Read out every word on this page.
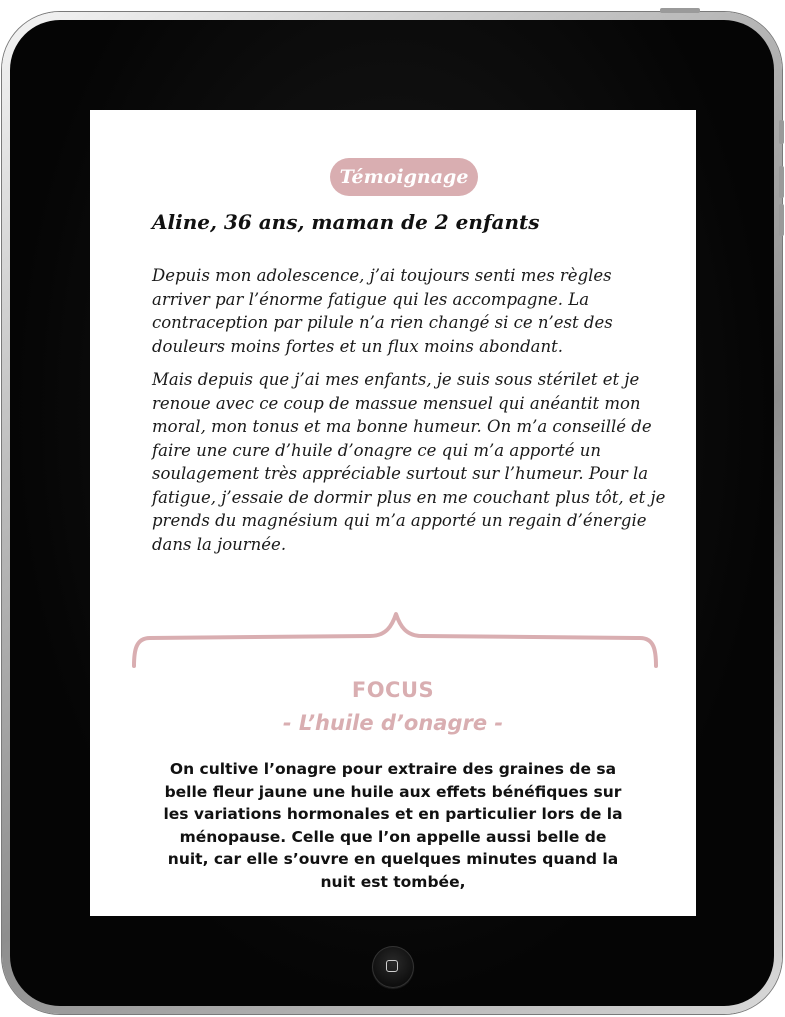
Témoignage
Aline, 36 ans, maman de 2 enfants

Depuis mon adolescence, j’ai toujours senti mes règles arriver par l’énorme fatigue qui les accompagne. La contraception par pilule n’a rien changé si ce n’est des douleurs moins fortes et un flux moins abondant.

Mais depuis que j’ai mes enfants, je suis sous stérilet et je renoue avec ce coup de massue mensuel qui anéantit mon moral, mon tonus et ma bonne humeur. On m’a conseillé de faire une cure d’huile d’onagre ce qui m’a apporté un soulagement très appréciable surtout sur l’humeur. Pour la fatigue, j’essaie de dormir plus en me couchant plus tôt, et je prends du magnésium qui m’a apporté un regain d’énergie dans la journée.

FOCUS
- L’huile d’onagre -

On cultive l’onagre pour extraire des graines de sa belle fleur jaune une huile aux effets bénéfiques sur les variations hormonales et en particulier lors de la ménopause. Celle que l’on appelle aussi belle de nuit, car elle s’ouvre en quelques minutes quand la nuit est tombée,
